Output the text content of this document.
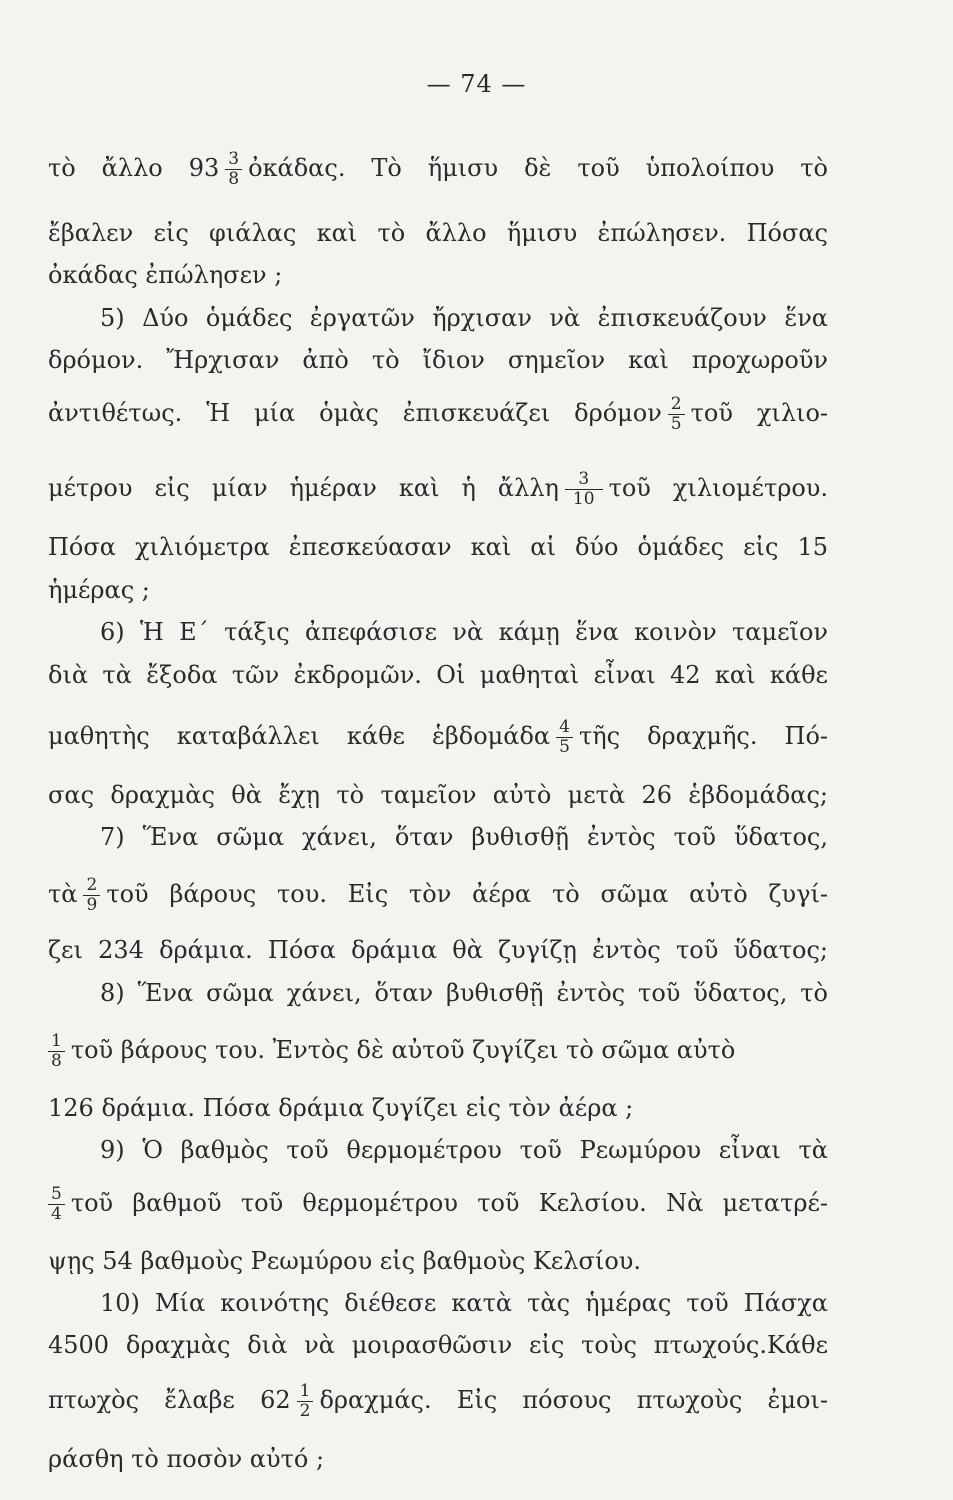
— 74 —
τὸ ἄλλο $93 \frac{3}{8}$ ὀκάδας. Τὸ ἥμισυ δὲ τοῦ ὑπολοίπου τὸ
ἔβαλεν εἰς φιάλας καὶ τὸ ἄλλο ἥμισυ ἐπώλησεν. Πόσας
ὀκάδας ἐπώλησεν ;
5) Δύο ὁμάδες ἐργατῶν ἤρχισαν νὰ ἐπισκευάζουν ἕνα
δρόμον. Ἤρχισαν ἀπὸ τὸ ἴδιον σημεῖον καὶ προχωροῦν
ἀντιθέτως. Ἡ μία ὁμὰς ἐπισκευάζει δρόμον $\frac{2}{5}$ τοῦ χιλιο-
μέτρου εἰς μίαν ἡμέραν καὶ ἡ ἄλλη $\frac{3}{10}$ τοῦ χιλιομέτρου.
Πόσα χιλιόμετρα ἐπεσκεύασαν καὶ αἱ δύο ὁμάδες εἰς 15
ἡμέρας ;
6) Ἡ Ε΄ τάξις ἀπεφάσισε νὰ κάμῃ ἕνα κοινὸν ταμεῖον
διὰ τὰ ἔξοδα τῶν ἐκδρομῶν. Οἱ μαθηταὶ εἶναι 42 καὶ κάθε
μαθητὴς καταβάλλει κάθε ἑβδομάδα $\frac{4}{5}$ τῆς δραχμῆς. Πό-
σας δραχμὰς θὰ ἔχῃ τὸ ταμεῖον αὐτὸ μετὰ 26 ἑβδομάδας;
7) Ἕνα σῶμα χάνει, ὅταν βυθισθῇ ἐντὸς τοῦ ὕδατος,
τὰ $\frac{2}{9}$ τοῦ βάρους του. Εἰς τὸν ἀέρα τὸ σῶμα αὐτὸ ζυγί-
ζει 234 δράμια. Πόσα δράμια θὰ ζυγίζῃ ἐντὸς τοῦ ὕδατος;
8) Ἕνα σῶμα χάνει, ὅταν βυθισθῇ ἐντὸς τοῦ ὕδατος, τὸ
$\frac{1}{8}$ τοῦ βάρους του. Ἐντὸς δὲ αὐτοῦ ζυγίζει τὸ σῶμα αὐτὸ
126 δράμια. Πόσα δράμια ζυγίζει εἰς τὸν ἀέρα ;
9) Ὁ βαθμὸς τοῦ θερμομέτρου τοῦ Ρεωμύρου εἶναι τὰ
$\frac{5}{4}$ τοῦ βαθμοῦ τοῦ θερμομέτρου τοῦ Κελσίου. Νὰ μετατρέ-
ψῃς 54 βαθμοὺς Ρεωμύρου εἰς βαθμοὺς Κελσίου.
10) Μία κοινότης διέθεσε κατὰ τὰς ἡμέρας τοῦ Πάσχα
4500 δραχμὰς διὰ νὰ μοιρασθῶσιν εἰς τοὺς πτωχούς.Κάθε
πτωχὸς ἔλαβε $62 \frac{1}{2} \delta\rho\alpha\chi\mu ά\varsigma$. Εἰς πόσους πτωχοὺς ἐμοι-
ράσθη τὸ ποσὸν αὐτό ;
